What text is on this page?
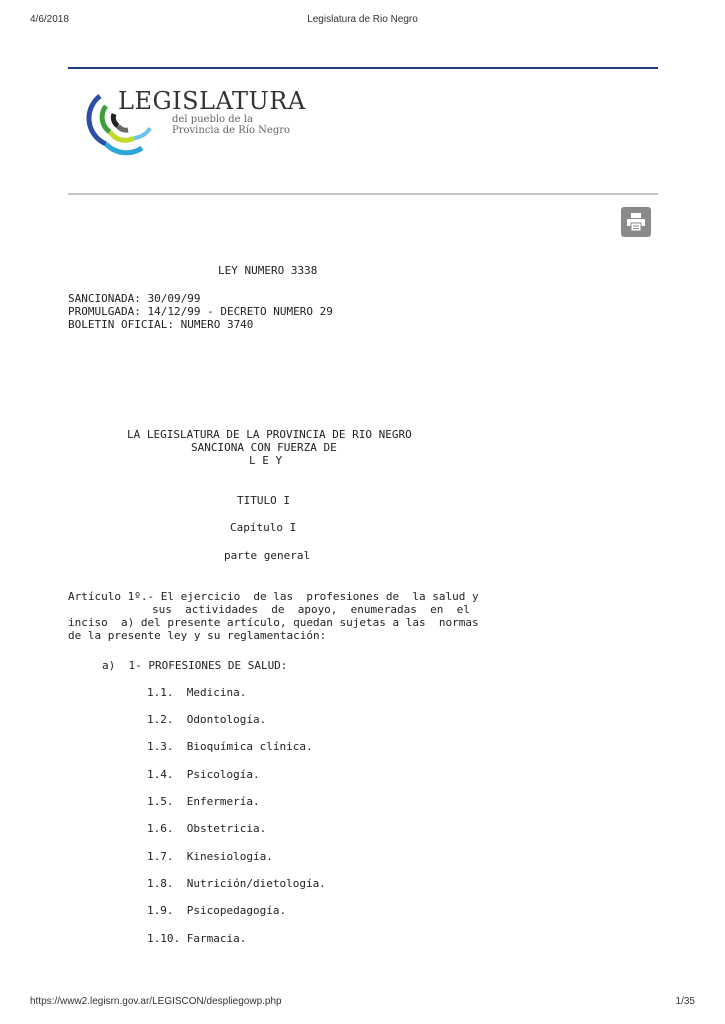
4/6/2018	Legislatura de Rio Negro
LEGISLATURA
del pueblo de la
Provincia de Río Negro
LEY NUMERO 3338
SANCIONADA: 30/09/99
PROMULGADA: 14/12/99 - DECRETO NUMERO 29
BOLETIN OFICIAL: NUMERO 3740
LA LEGISLATURA DE LA PROVINCIA DE RIO NEGRO
SANCIONA CON FUERZA DE
L E Y
TITULO I
Capítulo I
parte general
Artículo 1º.- El ejercicio  de las  profesiones de  la salud y
sus  actividades  de  apoyo,  enumeradas  en  el
inciso  a) del presente artículo, quedan sujetas a las  normas
de la presente ley y su reglamentación:
a)  1- PROFESIONES DE SALUD:
1.1.  Medicina.
1.2.  Odontología.
1.3.  Bioquímica clínica.
1.4.  Psicología.
1.5.  Enfermería.
1.6.  Obstetricia.
1.7.  Kinesiología.
1.8.  Nutrición/dietología.
1.9.  Psicopedagogía.
1.10. Farmacia.
https://www2.legisrn.gov.ar/LEGISCON/despliegowp.php	1/35
